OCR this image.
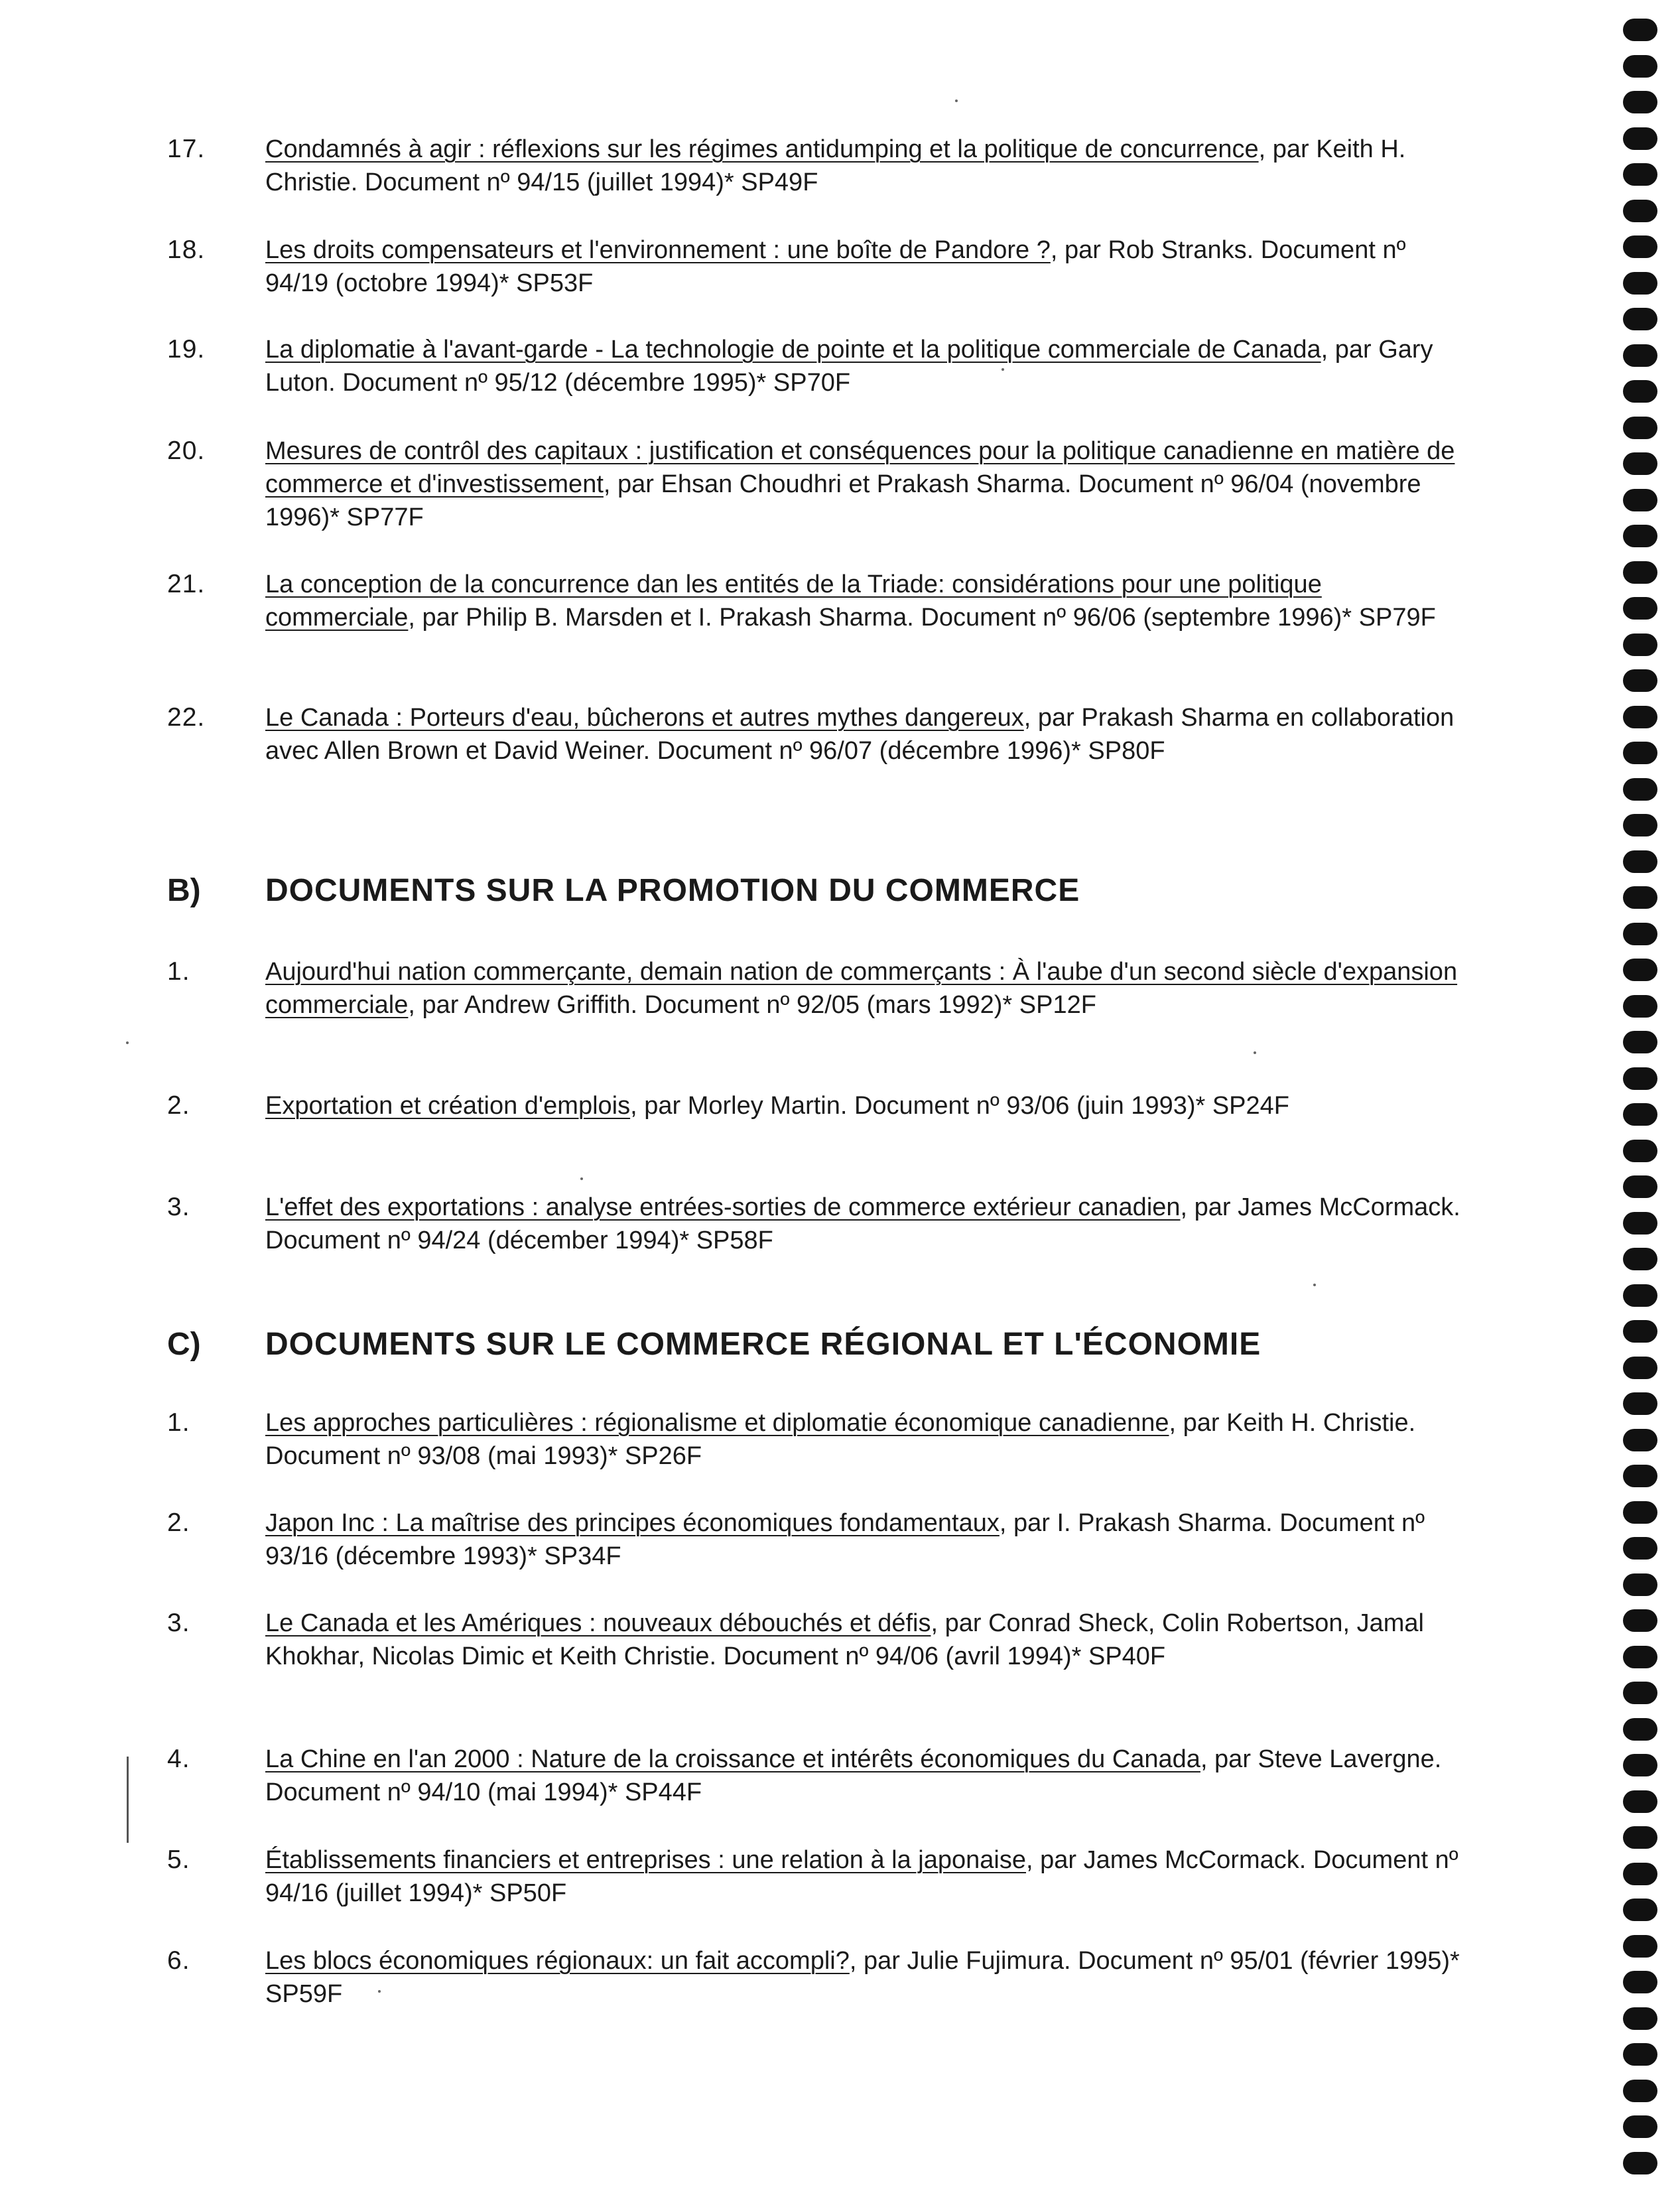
17. Condamnés à agir : réflexions sur les régimes antidumping et la politique de concurrence, par Keith H. Christie. Document nº 94/15 (juillet 1994)* SP49F
18. Les droits compensateurs et l'environnement : une boîte de Pandore ?, par Rob Stranks. Document nº 94/19 (octobre 1994)* SP53F
19. La diplomatie à l'avant-garde - La technologie de pointe et la politique commerciale de Canada, par Gary Luton. Document nº 95/12 (décembre 1995)* SP70F
20. Mesures de contrôl des capitaux : justification et conséquences pour la politique canadienne en matière de commerce et d'investissement, par Ehsan Choudhri et Prakash Sharma. Document nº 96/04 (novembre 1996)* SP77F
21. La conception de la concurrence dan les entités de la Triade: considérations pour une politique commerciale, par Philip B. Marsden et I. Prakash Sharma. Document nº 96/06 (septembre 1996)* SP79F
22. Le Canada : Porteurs d'eau, bûcherons et autres mythes dangereux, par Prakash Sharma en collaboration avec Allen Brown et David Weiner. Document nº 96/07 (décembre 1996)* SP80F
B) DOCUMENTS SUR LA PROMOTION DU COMMERCE
1.	Aujourd'hui nation commerçante, demain nation de commerçants : À l'aube d'un second siècle d'expansion commerciale, par Andrew Griffith. Document nº 92/05 (mars 1992)* SP12F
2.	Exportation et création d'emplois, par Morley Martin. Document nº 93/06 (juin 1993)* SP24F
3.	L'effet des exportations : analyse entrées-sorties de commerce extérieur canadien, par James McCormack. Document nº 94/24 (décember 1994)* SP58F
C) DOCUMENTS SUR LE COMMERCE RÉGIONAL ET L'ÉCONOMIE
1.	Les approches particulières : régionalisme et diplomatie économique canadienne, par Keith H. Christie. Document nº 93/08 (mai 1993)* SP26F
2.	Japon Inc : La maîtrise des principes économiques fondamentaux, par I. Prakash Sharma. Document nº 93/16 (décembre 1993)* SP34F
3.	Le Canada et les Amériques : nouveaux débouchés et défis, par Conrad Sheck, Colin Robertson, Jamal Khokhar, Nicolas Dimic et Keith Christie. Document nº 94/06 (avril 1994)* SP40F
4.	La Chine en l'an 2000 : Nature de la croissance et intérêts économiques du Canada, par Steve Lavergne. Document nº 94/10 (mai 1994)* SP44F
5.	Établissements financiers et entreprises : une relation à la japonaise, par James McCormack. Document nº 94/16 (juillet 1994)* SP50F
6.	Les blocs économiques régionaux: un fait accompli?, par Julie Fujimura. Document nº 95/01 (février 1995)* SP59F
